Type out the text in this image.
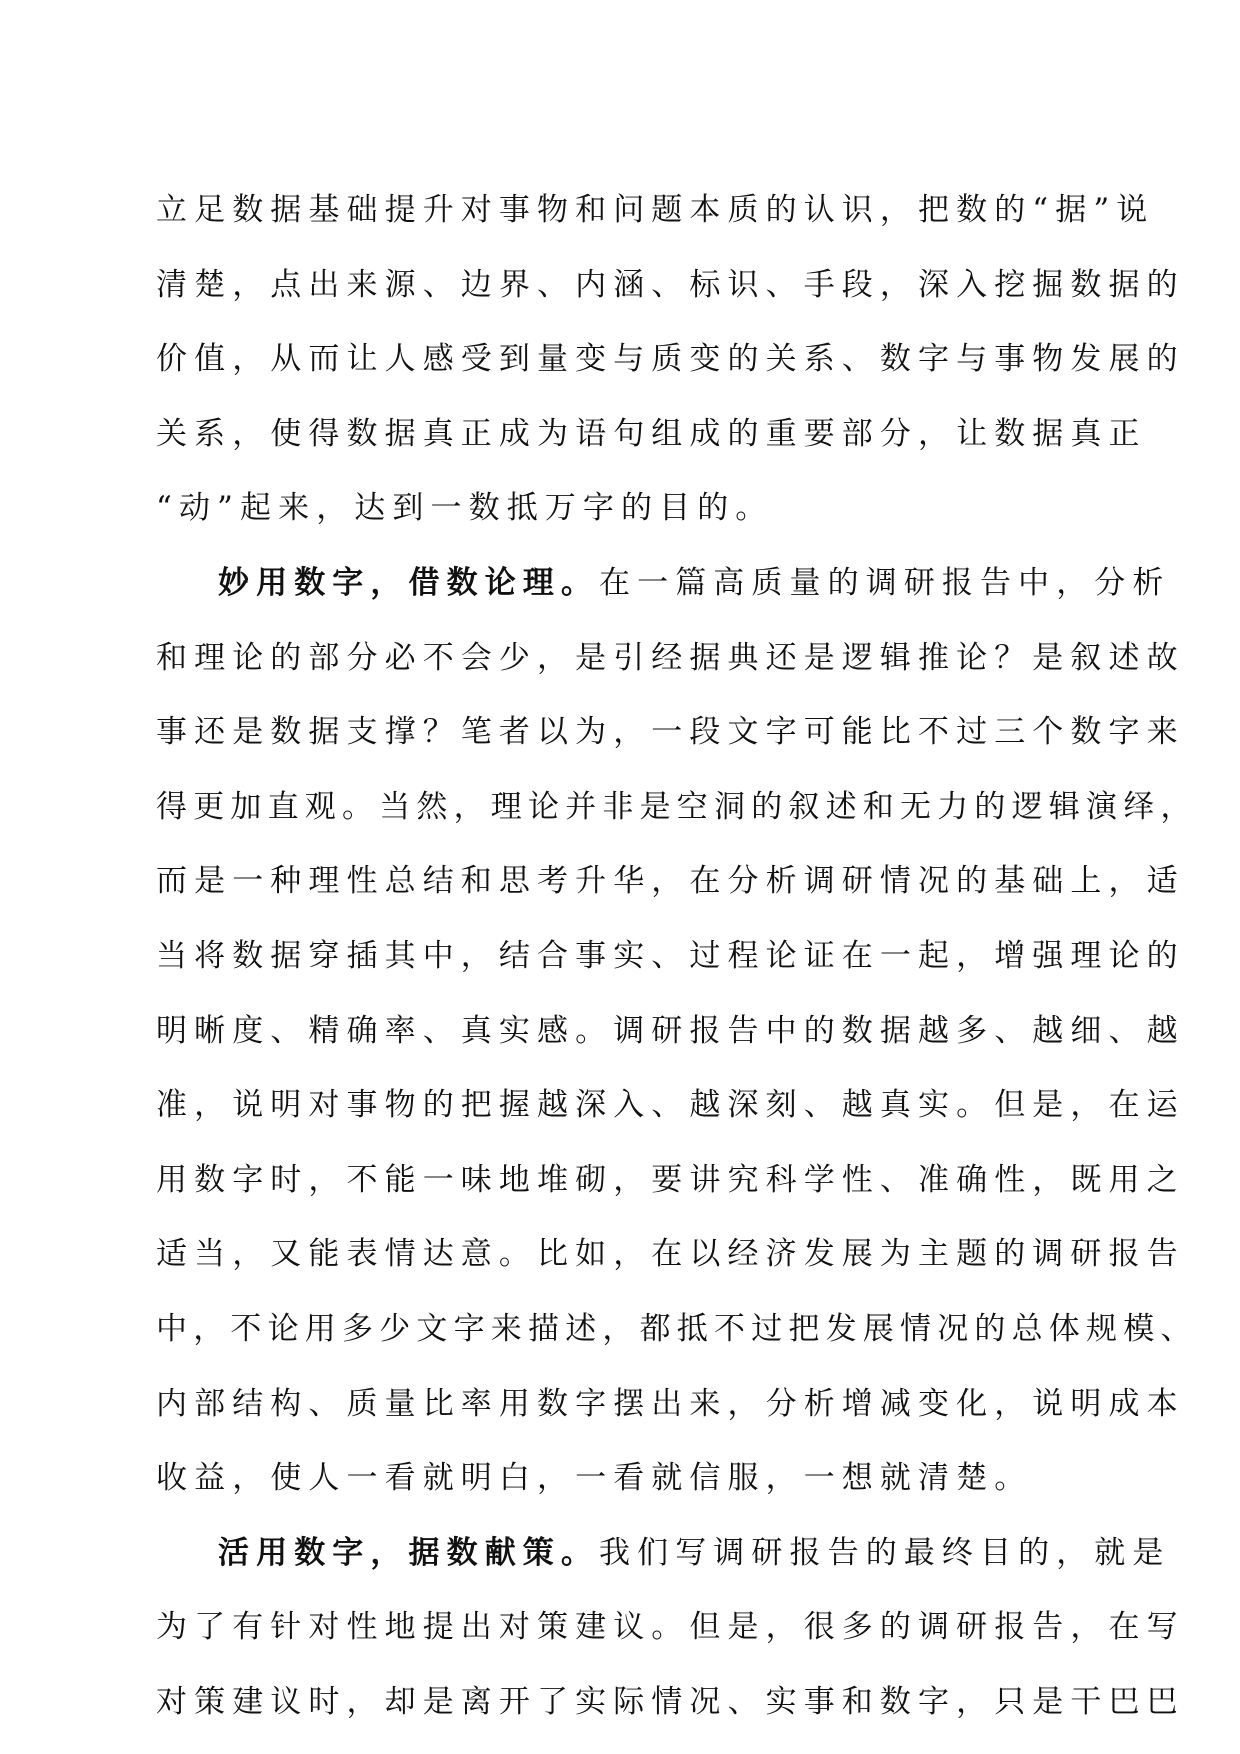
立足数据基础提升对事物和问题本质的认识，把数的“据”说
清楚，点出来源、边界、内涵、标识、手段，深入挖掘数据的
价值，从而让人感受到量变与质变的关系、数字与事物发展的
关系，使得数据真正成为语句组成的重要部分，让数据真正
“动”起来，达到一数抵万字的目的。
妙用数字，借数论理。在一篇高质量的调研报告中，分析
和理论的部分必不会少，是引经据典还是逻辑推论？是叙述故
事还是数据支撑？笔者以为，一段文字可能比不过三个数字来
得更加直观。当然，理论并非是空洞的叙述和无力的逻辑演绎，
而是一种理性总结和思考升华，在分析调研情况的基础上，适
当将数据穿插其中，结合事实、过程论证在一起，增强理论的
明晰度、精确率、真实感。调研报告中的数据越多、越细、越
准，说明对事物的把握越深入、越深刻、越真实。但是，在运
用数字时，不能一味地堆砌，要讲究科学性、准确性，既用之
适当，又能表情达意。比如，在以经济发展为主题的调研报告
中，不论用多少文字来描述，都抵不过把发展情况的总体规模、
内部结构、质量比率用数字摆出来，分析增减变化，说明成本
收益，使人一看就明白，一看就信服，一想就清楚。
活用数字，据数献策。我们写调研报告的最终目的，就是
为了有针对性地提出对策建议。但是，很多的调研报告，在写
对策建议时，却是离开了实际情况、实事和数字，只是干巴巴
